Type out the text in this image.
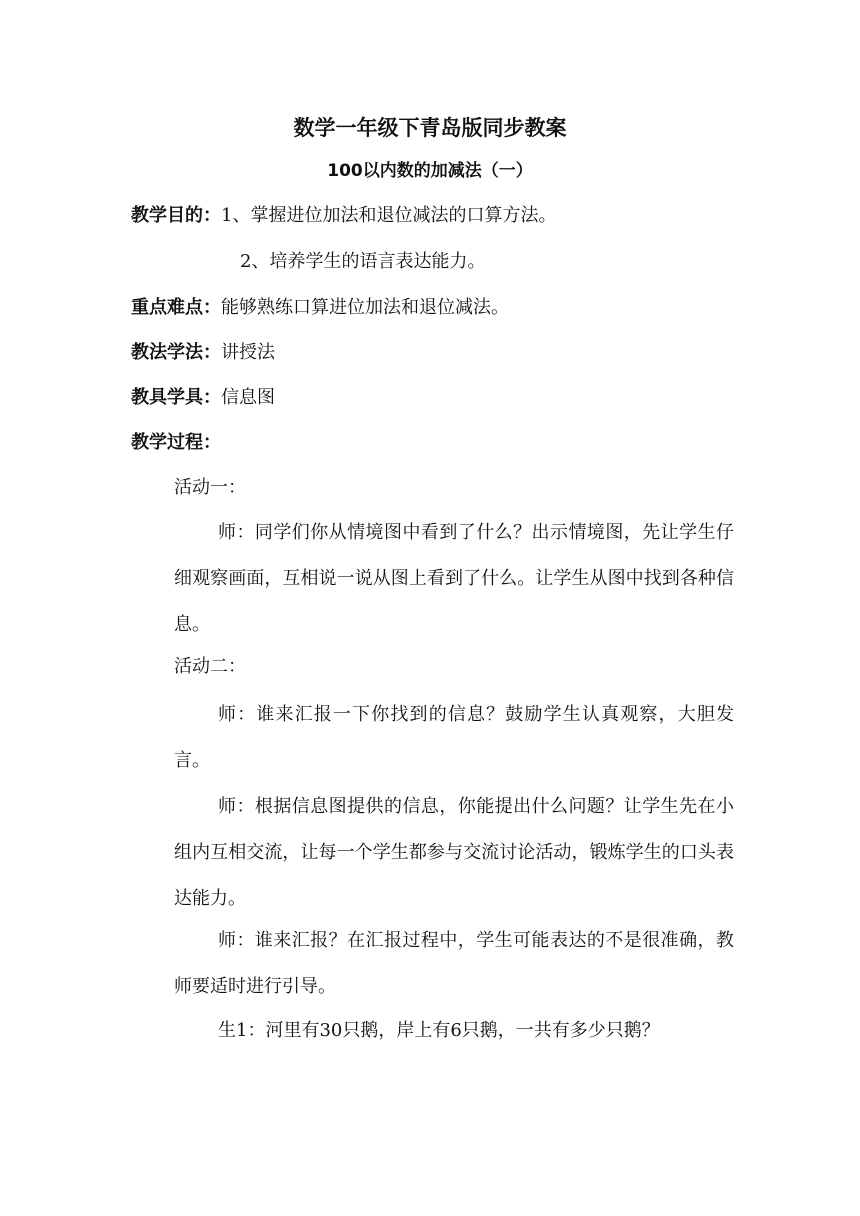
数学一年级下青岛版同步教案
100以内数的加减法（一）
教学目的：1、掌握进位加法和退位减法的口算方法。
2、培养学生的语言表达能力。
重点难点：能够熟练口算进位加法和退位减法。
教法学法：讲授法
教具学具：信息图
教学过程：
活动一：
师：同学们你从情境图中看到了什么？出示情境图，先让学生仔细观察画面，互相说一说从图上看到了什么。让学生从图中找到各种信息。
活动二：
师：谁来汇报一下你找到的信息？鼓励学生认真观察，大胆发言。
师：根据信息图提供的信息，你能提出什么问题？让学生先在小组内互相交流，让每一个学生都参与交流讨论活动，锻炼学生的口头表达能力。
师：谁来汇报？在汇报过程中，学生可能表达的不是很准确，教师要适时进行引导。
生1：河里有30只鹅，岸上有6只鹅，一共有多少只鹅？
